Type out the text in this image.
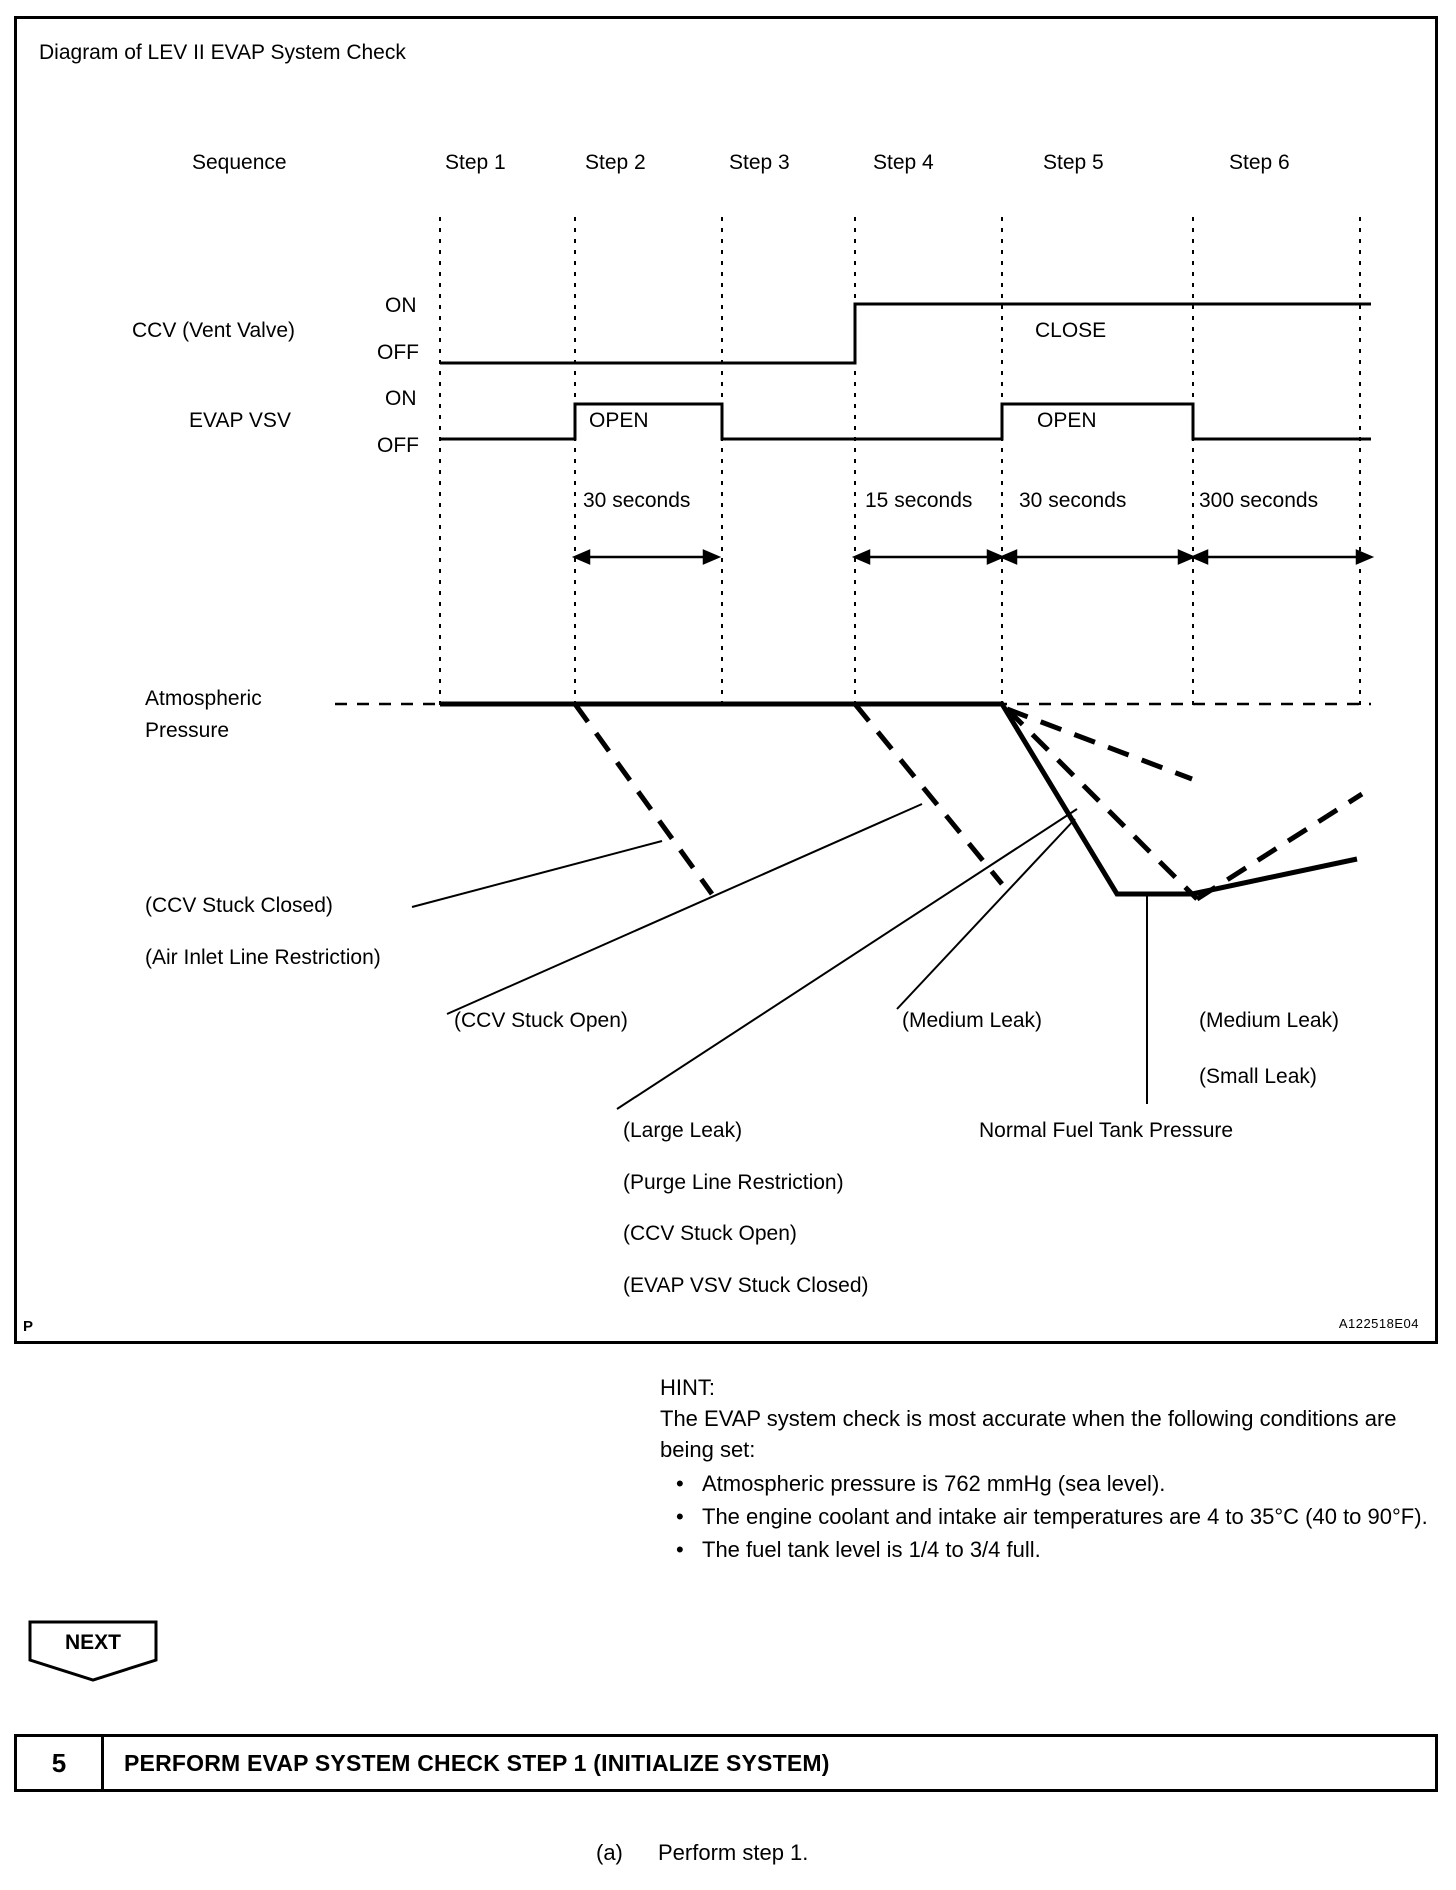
Diagram of LEV II EVAP System Check
Sequence	Step 1	Step 2	Step 3	Step 4	Step 5	Step 6
CCV (Vent Valve)
ON
OFF
CLOSE
EVAP VSV
ON
OFF
OPEN	OPEN
30 seconds	15 seconds 30 seconds	300 seconds
Atmospheric
Pressure
(CCV Stuck Closed)
(Air Inlet Line Restriction)
(CCV Stuck Open)
(Large Leak)
(Purge Line Restriction)
(CCV Stuck Open)
(EVAP VSV Stuck Closed)
(Medium Leak)
Normal Fuel Tank Pressure
(Medium Leak)
(Small Leak)
P	A122518E04
HINT:
The EVAP system check is most accurate when the following conditions are being set:
• Atmospheric pressure is 762 mmHg (sea level).
• The engine coolant and intake air temperatures are 4 to 35°C (40 to 90°F).
• The fuel tank level is 1/4 to 3/4 full.
NEXT
5	PERFORM EVAP SYSTEM CHECK STEP 1 (INITIALIZE SYSTEM)
(a) Perform step 1.
